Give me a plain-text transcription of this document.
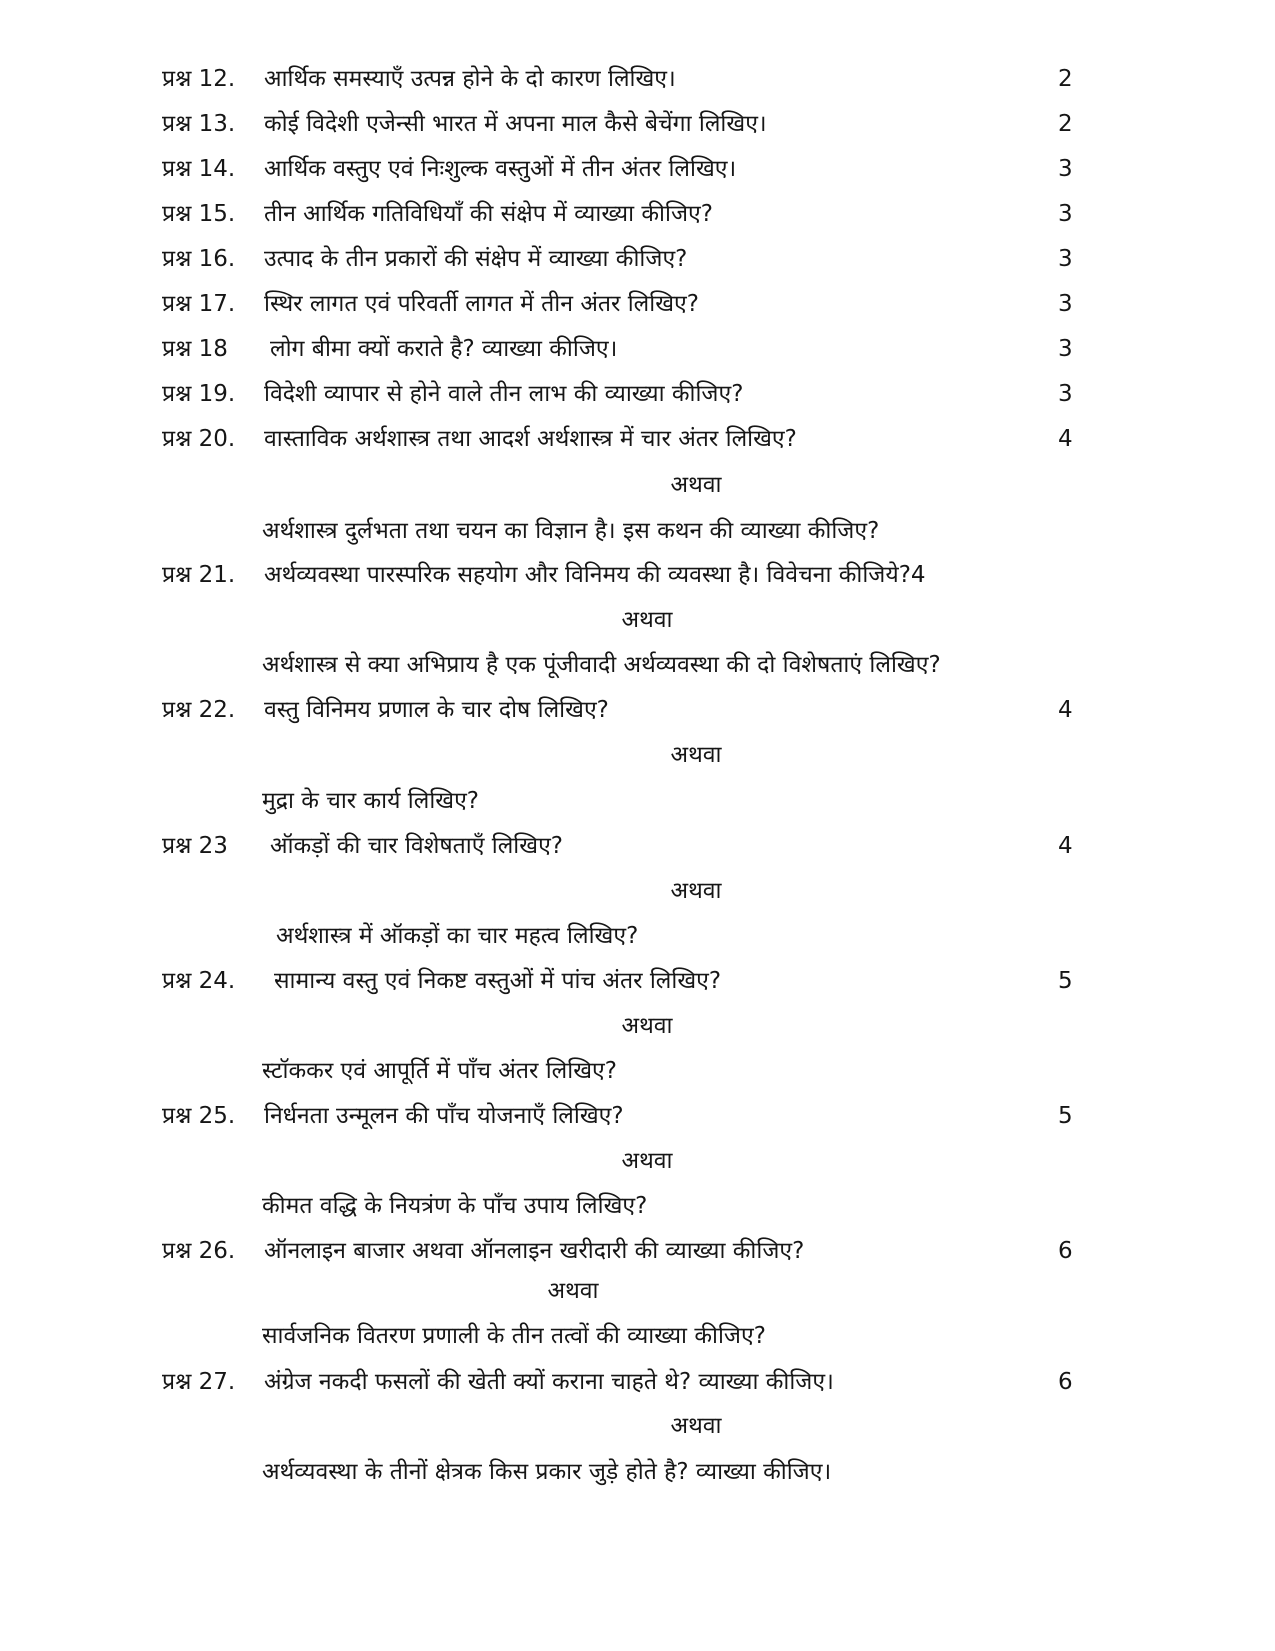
प्रश्न 12. आर्थिक समस्याएँ उत्पन्न होने के दो कारण लिखिए।	2
प्रश्न 13. कोई विदेशी एजेन्सी भारत में अपना माल कैसे बेचेंगा लिखिए।	2
प्रश्न 14. आर्थिक वस्तुए एवं निःशुल्क वस्तुओं में तीन अंतर लिखिए।	3
प्रश्न 15. तीन आर्थिक गतिविधियाँ की संक्षेप में व्याख्या कीजिए?	3
प्रश्न 16. उत्पाद के तीन प्रकारों की संक्षेप में व्याख्या कीजिए?	3
प्रश्न 17. स्थिर लागत एवं परिवर्ती लागत में तीन अंतर लिखिए?	3
प्रश्न 18 लोग बीमा क्यों कराते है? व्याख्या कीजिए।	3
प्रश्न 19. विदेशी व्यापार से होने वाले तीन लाभ की व्याख्या कीजिए?	3
प्रश्न 20. वास्ताविक अर्थशास्त्र तथा आदर्श अर्थशास्त्र में चार अंतर लिखिए?	4
अथवा
अर्थशास्त्र दुर्लभता तथा चयन का विज्ञान है। इस कथन की व्याख्या कीजिए?
प्रश्न 21. अर्थव्यवस्था पारस्परिक सहयोग और विनिमय की व्यवस्था है। विवेचना कीजिये?4
अथवा
अर्थशास्त्र से क्या अभिप्राय है एक पूंजीवादी अर्थव्यवस्था की दो विशेषताएं लिखिए?
प्रश्न 22. वस्तु विनिमय प्रणाल के चार दोष लिखिए?	4
अथवा
मुद्रा के चार कार्य लिखिए?
प्रश्न 23 ऑकड़ों की चार विशेषताएँ लिखिए?	4
अथवा
अर्थशास्त्र में ऑकड़ों का चार महत्व लिखिए?
प्रश्न 24. सामान्य वस्तु एवं निकष्ट वस्तुओं में पांच अंतर लिखिए?	5
अथवा
स्टॉककर एवं आपूर्ति में पाँच अंतर लिखिए?
प्रश्न 25. निर्धनता उन्मूलन की पाँच योजनाएँ लिखिए?	5
अथवा
कीमत वद्धि के नियत्रंण के पाँच उपाय लिखिए?
प्रश्न 26. ऑनलाइन बाजार अथवा ऑनलाइन खरीदारी की व्याख्या कीजिए?	6
अथवा
सार्वजनिक वितरण प्रणाली के तीन तत्वों की व्याख्या कीजिए?
प्रश्न 27. अंग्रेज नकदी फसलों की खेती क्यों कराना चाहते थे? व्याख्या कीजिए।	6
अथवा
अर्थव्यवस्था के तीनों क्षेत्रक किस प्रकार जुड़े होते है? व्याख्या कीजिए।
